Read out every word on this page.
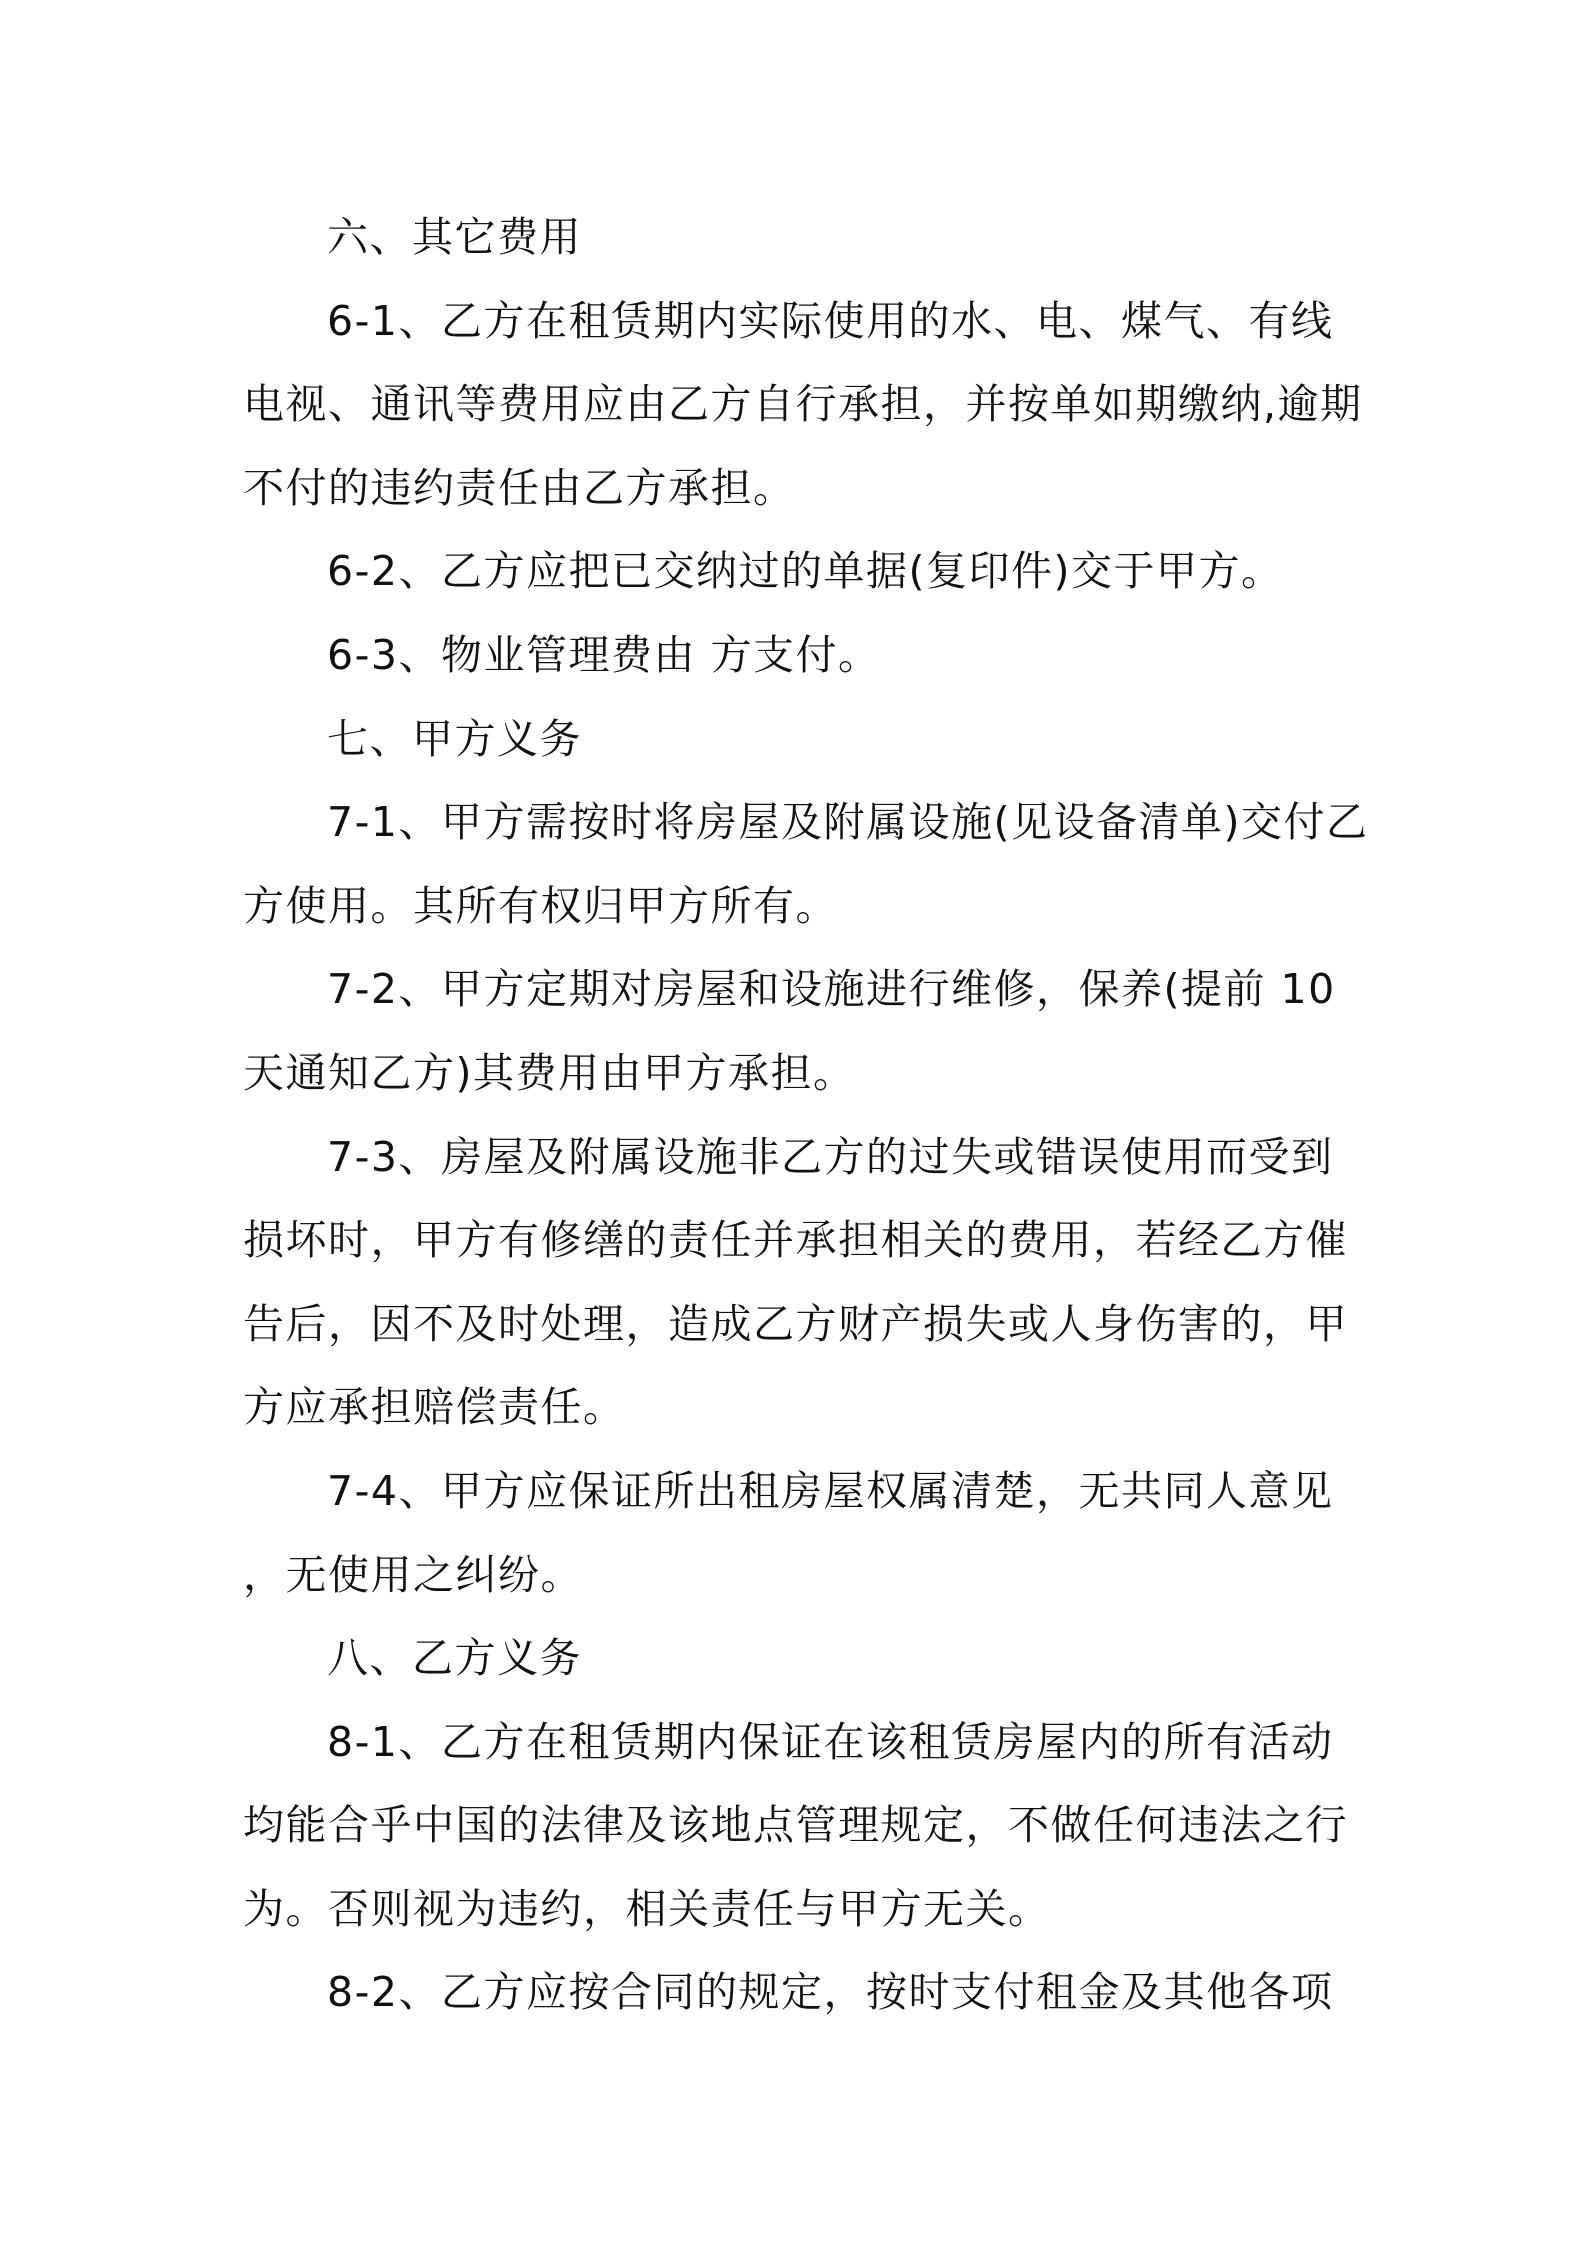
六、其它费用
6-1、乙方在租赁期内实际使用的水、电、煤气、有线
电视、通讯等费用应由乙方自行承担，并按单如期缴纳,逾期
不付的违约责任由乙方承担。
6-2、乙方应把已交纳过的单据(复印件)交于甲方。
6-3、物业管理费由 方支付。
七、甲方义务
7-1、甲方需按时将房屋及附属设施(见设备清单)交付乙
方使用。其所有权归甲方所有。
7-2、甲方定期对房屋和设施进行维修，保养(提前 10
天通知乙方)其费用由甲方承担。
7-3、房屋及附属设施非乙方的过失或错误使用而受到
损坏时，甲方有修缮的责任并承担相关的费用，若经乙方催
告后，因不及时处理，造成乙方财产损失或人身伤害的，甲
方应承担赔偿责任。
7-4、甲方应保证所出租房屋权属清楚，无共同人意见
，无使用之纠纷。
八、乙方义务
8-1、乙方在租赁期内保证在该租赁房屋内的所有活动
均能合乎中国的法律及该地点管理规定，不做任何违法之行
为。否则视为违约，相关责任与甲方无关。
8-2、乙方应按合同的规定，按时支付租金及其他各项
